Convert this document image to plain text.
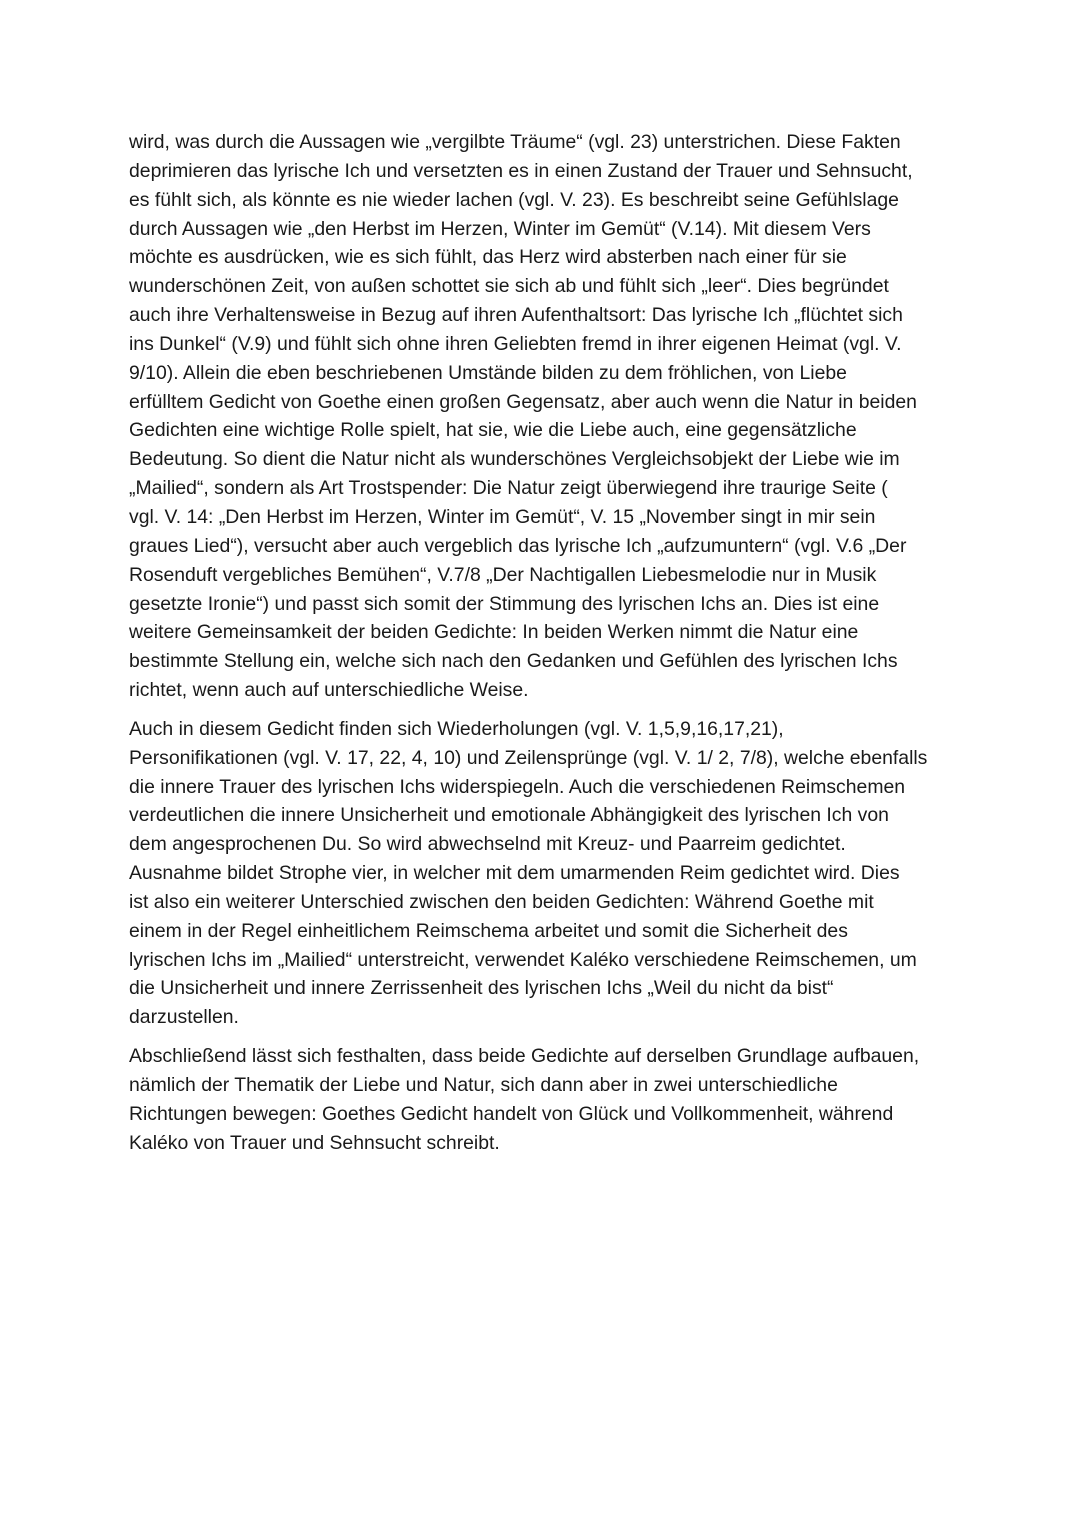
wird, was durch die Aussagen wie „vergilbte Träume“ (vgl. 23) unterstrichen. Diese Fakten
deprimieren das lyrische Ich und versetzten es in einen Zustand der Trauer und Sehnsucht,
es fühlt sich, als könnte es nie wieder lachen (vgl. V. 23). Es beschreibt seine Gefühlslage
durch Aussagen wie „den Herbst im Herzen, Winter im Gemüt“ (V.14). Mit diesem Vers
möchte es ausdrücken, wie es sich fühlt, das Herz wird absterben nach einer für sie
wunderschönen Zeit, von außen schottet sie sich ab und fühlt sich „leer“. Dies begründet
auch ihre Verhaltensweise in Bezug auf ihren Aufenthaltsort: Das lyrische Ich „flüchtet sich
ins Dunkel“ (V.9) und fühlt sich ohne ihren Geliebten fremd in ihrer eigenen Heimat (vgl. V.
9/10). Allein die eben beschriebenen Umstände bilden zu dem fröhlichen, von Liebe
erfülltem Gedicht von Goethe einen großen Gegensatz, aber auch wenn die Natur in beiden
Gedichten eine wichtige Rolle spielt, hat sie, wie die Liebe auch, eine gegensätzliche
Bedeutung. So dient die Natur nicht als wunderschönes Vergleichsobjekt der Liebe wie im
„Mailied“, sondern als Art Trostspender: Die Natur zeigt überwiegend ihre traurige Seite (
vgl. V. 14: „Den Herbst im Herzen, Winter im Gemüt“, V. 15 „November singt in mir sein
graues Lied“), versucht aber auch vergeblich das lyrische Ich „aufzumuntern“ (vgl. V.6 „Der
Rosenduft vergebliches Bemühen“, V.7/8 „Der Nachtigallen Liebesmelodie nur in Musik
gesetzte Ironie“) und passt sich somit der Stimmung des lyrischen Ichs an. Dies ist eine
weitere Gemeinsamkeit der beiden Gedichte: In beiden Werken nimmt die Natur eine
bestimmte Stellung ein, welche sich nach den Gedanken und Gefühlen des lyrischen Ichs
richtet, wenn auch auf unterschiedliche Weise.

Auch in diesem Gedicht finden sich Wiederholungen (vgl. V. 1,5,9,16,17,21),
Personifikationen (vgl. V. 17, 22, 4, 10) und Zeilensprünge (vgl. V. 1/ 2, 7/8), welche ebenfalls
die innere Trauer des lyrischen Ichs widerspiegeln. Auch die verschiedenen Reimschemen
verdeutlichen die innere Unsicherheit und emotionale Abhängigkeit des lyrischen Ich von
dem angesprochenen Du. So wird abwechselnd mit Kreuz- und Paarreim gedichtet.
Ausnahme bildet Strophe vier, in welcher mit dem umarmenden Reim gedichtet wird. Dies
ist also ein weiterer Unterschied zwischen den beiden Gedichten: Während Goethe mit
einem in der Regel einheitlichem Reimschema arbeitet und somit die Sicherheit des
lyrischen Ichs im „Mailied“ unterstreicht, verwendet Kaléko verschiedene Reimschemen, um
die Unsicherheit und innere Zerrissenheit des lyrischen Ichs „Weil du nicht da bist“
darzustellen.

Abschließend lässt sich festhalten, dass beide Gedichte auf derselben Grundlage aufbauen,
nämlich der Thematik der Liebe und Natur, sich dann aber in zwei unterschiedliche
Richtungen bewegen: Goethes Gedicht handelt von Glück und Vollkommenheit, während
Kaléko von Trauer und Sehnsucht schreibt.
